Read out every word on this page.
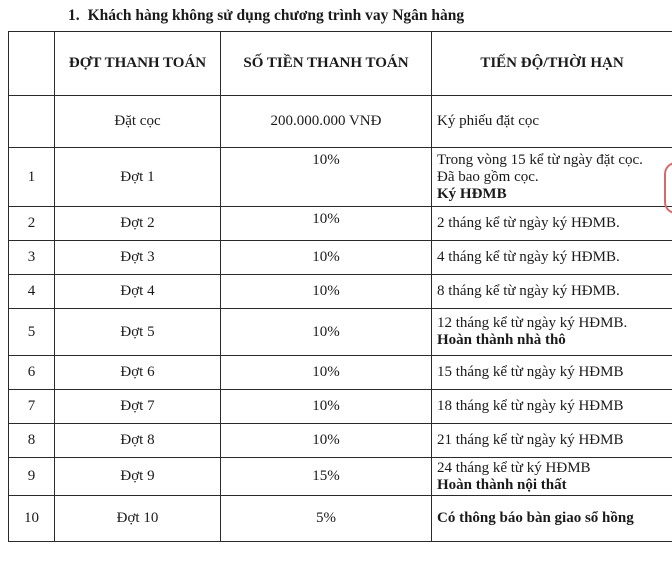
1. Khách hàng không sử dụng chương trình vay Ngân hàng
	ĐỢT THANH TOÁN	SỐ TIỀN THANH TOÁN	TIẾN ĐỘ/THỜI HẠN
	Đặt cọc	200.000.000 VNĐ	Ký phiếu đặt cọc

1	Đợt 1	10%	Trong vòng 15 kể từ ngày đặt cọc.
Đã bao gồm cọc.
Ký HĐMB

2	Đợt 2	10%	2 tháng kể từ ngày ký HĐMB.

3	Đợt 3	10%	4 tháng kể từ ngày ký HĐMB.

4	Đợt 4	10%	8 tháng kể từ ngày ký HĐMB.

5	Đợt 5	10%	12 tháng kể từ ngày ký HĐMB.
Hoàn thành nhà thô

6	Đợt 6	10%	15 tháng kể từ ngày ký HĐMB

7	Đợt 7	10%	18 tháng kể từ ngày ký HĐMB

8	Đợt 8	10%	21 tháng kể từ ngày ký HĐMB

9	Đợt 9	15%	24 tháng kể từ ký HĐMB
Hoàn thành nội thất

10	Đợt 10	5%	Có thông báo bàn giao sổ hồng
